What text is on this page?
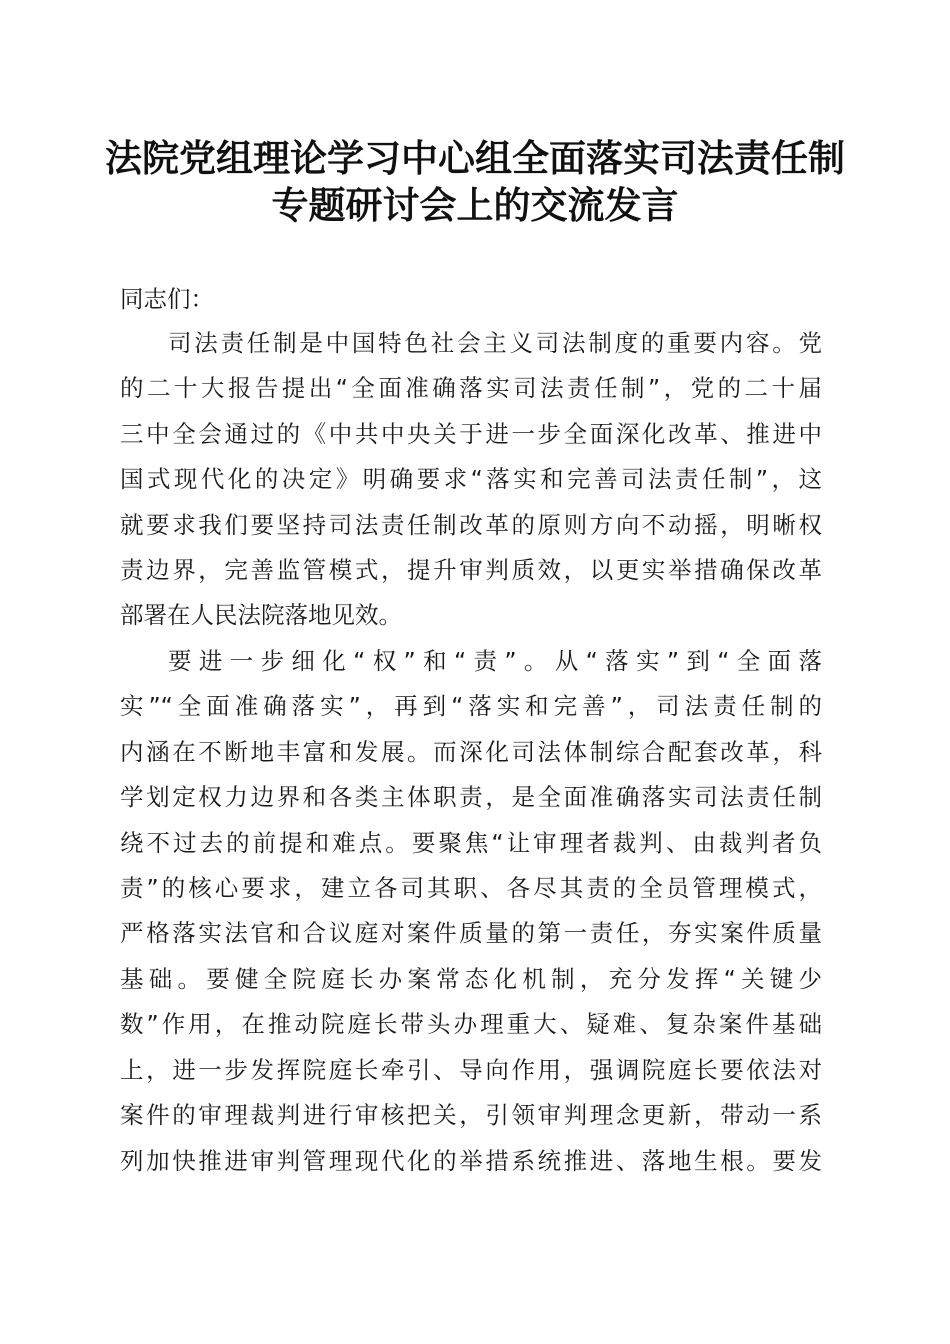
法院党组理论学习中心组全面落实司法责任制
专题研讨会上的交流发言
同志们：
司法责任制是中国特色社会主义司法制度的重要内容。党
的二十大报告提出“全面准确落实司法责任制”，党的二十届
三中全会通过的《中共中央关于进一步全面深化改革、推进中
国式现代化的决定》明确要求“落实和完善司法责任制”，这
就要求我们要坚持司法责任制改革的原则方向不动摇，明晰权
责边界，完善监管模式，提升审判质效，以更实举措确保改革
部署在人民法院落地见效。
要进一步细化“权”和“责”。从“落实”到“全面落
实”“全面准确落实”，再到“落实和完善”，司法责任制的
内涵在不断地丰富和发展。而深化司法体制综合配套改革，科
学划定权力边界和各类主体职责，是全面准确落实司法责任制
绕不过去的前提和难点。要聚焦“让审理者裁判、由裁判者负
责”的核心要求，建立各司其职、各尽其责的全员管理模式，
严格落实法官和合议庭对案件质量的第一责任，夯实案件质量
基础。要健全院庭长办案常态化机制，充分发挥“关键少
数”作用，在推动院庭长带头办理重大、疑难、复杂案件基础
上，进一步发挥院庭长牵引、导向作用，强调院庭长要依法对
案件的审理裁判进行审核把关，引领审判理念更新，带动一系
列加快推进审判管理现代化的举措系统推进、落地生根。要发
